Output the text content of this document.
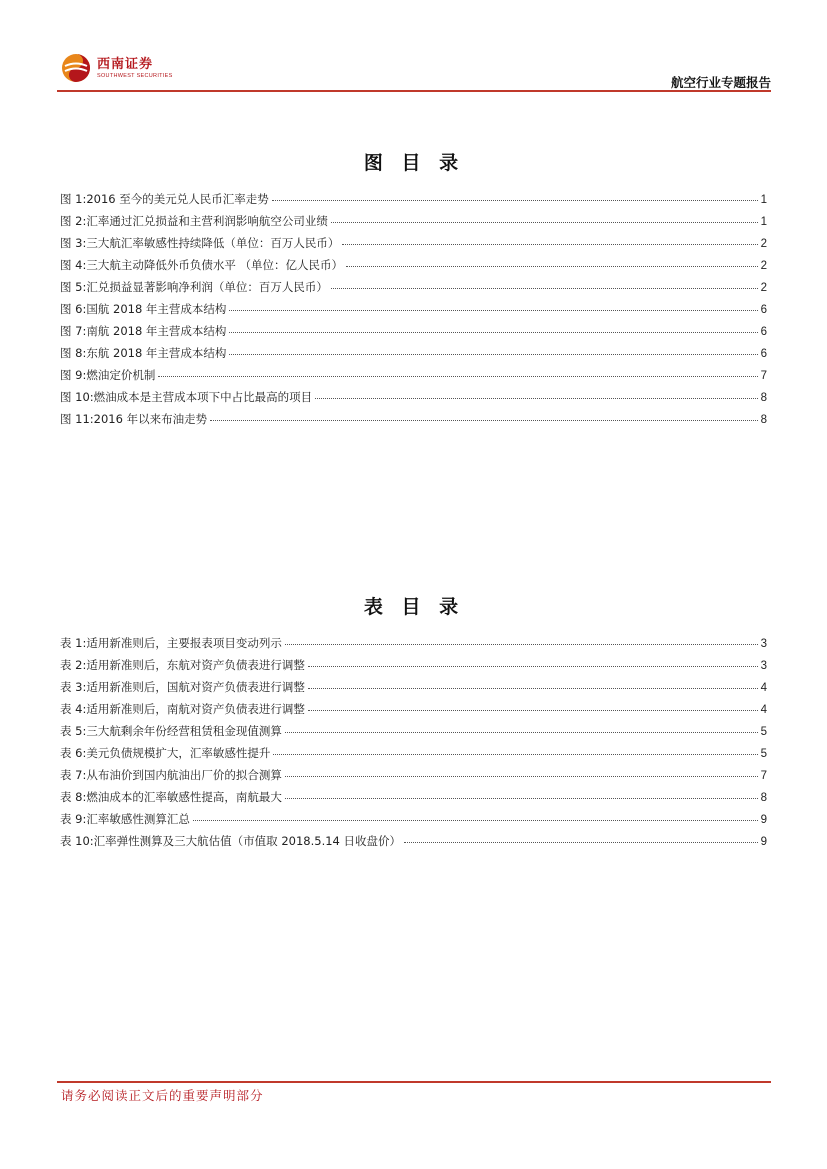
西南证券
SOUTHWEST SECURITIES	航空行业专题报告
图 目 录
图 1: 2016 至今的美元兑人民币汇率走势	1
图 2: 汇率通过汇兑损益和主营利润影响航空公司业绩	1
图 3: 三大航汇率敏感性持续降低（单位：百万人民币）	2
图 4: 三大航主动降低外币负债水平 （单位：亿人民币）	2
图 5: 汇兑损益显著影响净利润（单位：百万人民币）	2
图 6: 国航 2018 年主营成本结构	6
图 7: 南航 2018 年主营成本结构	6
图 8: 东航 2018 年主营成本结构	6
图 9: 燃油定价机制	7
图 10: 燃油成本是主营成本项下中占比最高的项目	8
图 11: 2016 年以来布油走势	8
表 目 录
表 1: 适用新准则后，主要报表项目变动列示	3
表 2: 适用新准则后，东航对资产负债表进行调整	3
表 3: 适用新准则后，国航对资产负债表进行调整	4
表 4: 适用新准则后，南航对资产负债表进行调整	4
表 5: 三大航剩余年份经营租赁租金现值测算	5
表 6: 美元负债规模扩大，汇率敏感性提升	5
表 7: 从布油价到国内航油出厂价的拟合测算	7
表 8: 燃油成本的汇率敏感性提高，南航最大	8
表 9: 汇率敏感性测算汇总	9
表 10: 汇率弹性测算及三大航估值（市值取 2018.5.14 日收盘价）	9
请务必阅读正文后的重要声明部分
